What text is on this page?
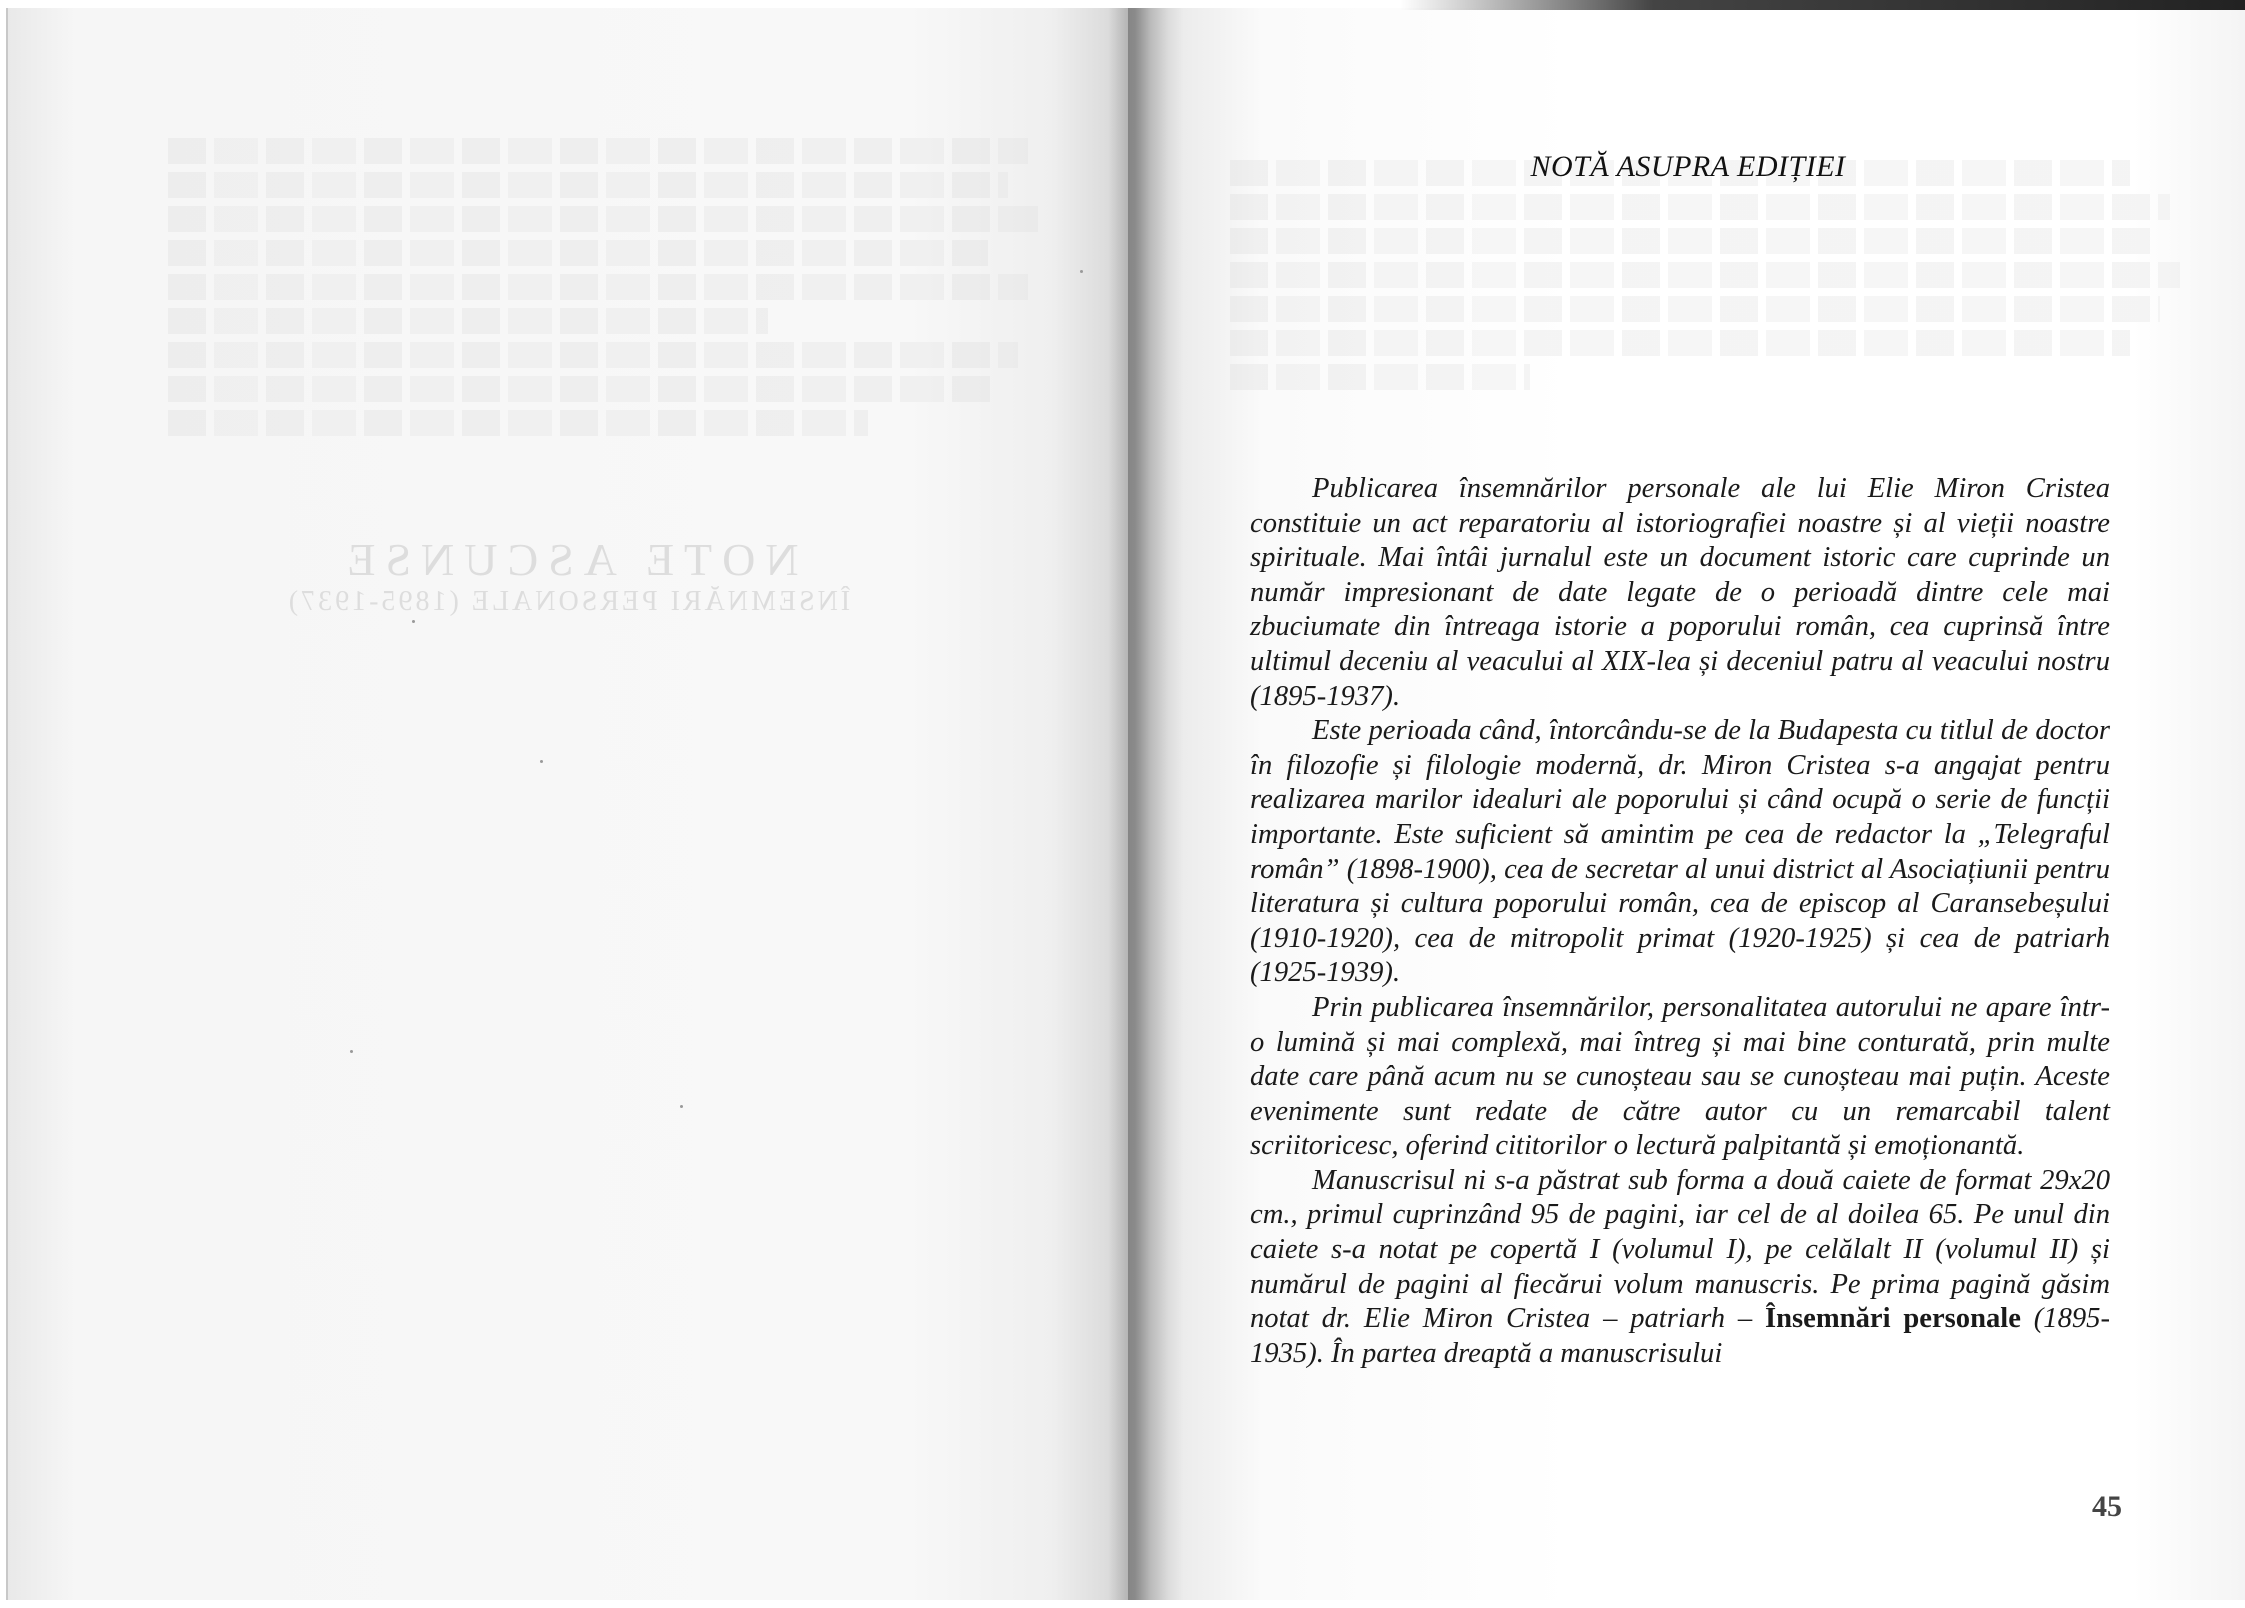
NOTE ASCUNSE
ÎNSEMNĂRI PERSONALE (1895-1937)
NOTĂ ASUPRA EDIȚIEI

Publicarea însemnărilor personale ale lui Elie Miron Cristea constituie un act reparatoriu al istoriografiei noastre și al vieții noastre spirituale. Mai întâi jurnalul este un document istoric care cuprinde un număr impresionant de date legate de o perioadă dintre cele mai zbuciumate din întreaga istorie a poporului român, cea cuprinsă între ultimul deceniu al veacului al XIX-lea și deceniul patru al veacului nostru (1895-1937).

Este perioada când, întorcându-se de la Budapesta cu titlul de doctor în filozofie și filologie modernă, dr. Miron Cristea s-a angajat pentru realizarea marilor idealuri ale poporului și când ocupă o serie de funcții importante. Este suficient să amintim pe cea de redactor la „Telegraful român” (1898-1900), cea de secretar al unui district al Asociațiunii pentru literatura și cultura poporului român, cea de episcop al Caransebeșului (1910-1920), cea de mitropolit primat (1920-1925) și cea de patriarh (1925-1939).

Prin publicarea însemnărilor, personalitatea autorului ne apare într-o lumină și mai complexă, mai întreg și mai bine conturată, prin multe date care până acum nu se cunoșteau sau se cunoșteau mai puțin. Aceste evenimente sunt redate de către autor cu un remarcabil talent scriitoricesc, oferind cititorilor o lectură palpitantă și emoționantă.

Manuscrisul ni s-a păstrat sub forma a două caiete de format 29x20 cm., primul cuprinzând 95 de pagini, iar cel de al doilea 65. Pe unul din caiete s-a notat pe copertă I (volumul I), pe celălalt II (volumul II) și numărul de pagini al fiecărui volum manuscris. Pe prima pagină găsim notat dr. Elie Miron Cristea – patriarh – Însemnări personale (1895-1935). În partea dreaptă a manuscrisului

45
